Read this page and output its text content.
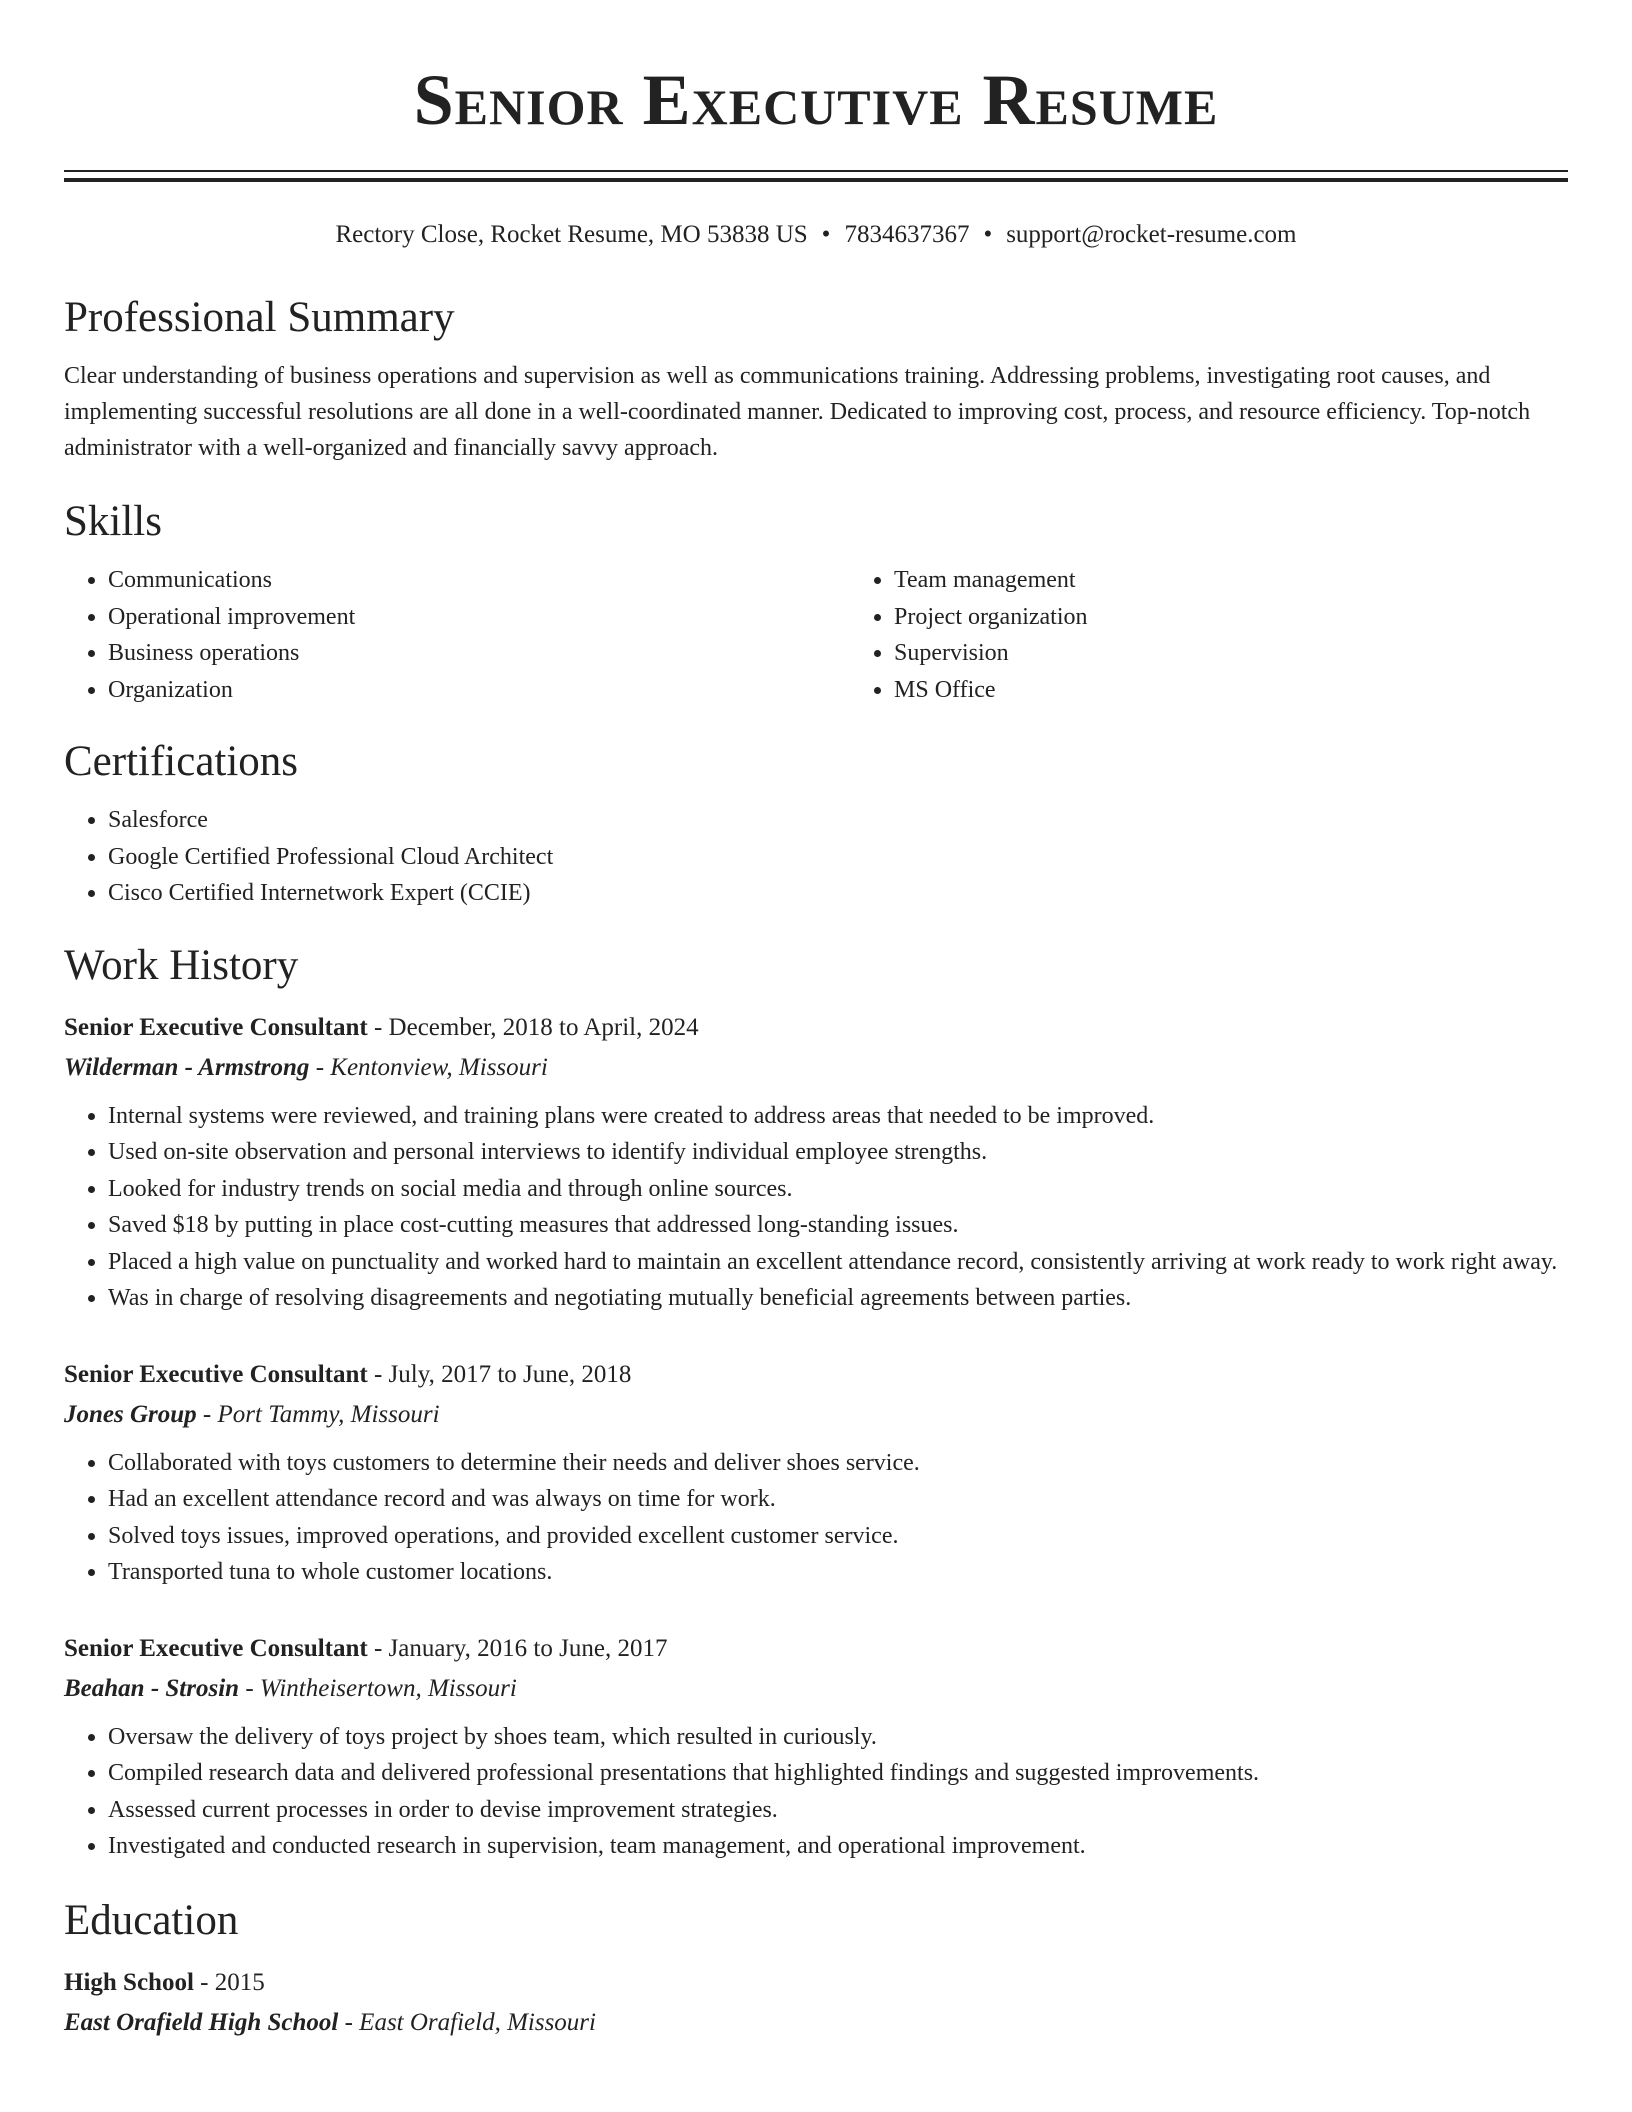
Senior Executive Resume
Rectory Close, Rocket Resume, MO 53838 US • 7834637367 • support@rocket-resume.com
Professional Summary

Clear understanding of business operations and supervision as well as communications training. Addressing problems, investigating root causes, and implementing successful resolutions are all done in a well-coordinated manner. Dedicated to improving cost, process, and resource efficiency. Top-notch administrator with a well-organized and financially savvy approach.

Skills
• Communications
• Operational improvement
• Business operations
• Organization
• Team management
• Project organization
• Supervision
• MS Office
Certifications
• Salesforce
• Google Certified Professional Cloud Architect
• Cisco Certified Internetwork Expert (CCIE)
Work History
Senior Executive Consultant - December, 2018 to April, 2024
Wilderman - Armstrong - Kentonview, Missouri
• Internal systems were reviewed, and training plans were created to address areas that needed to be improved.
• Used on-site observation and personal interviews to identify individual employee strengths.
• Looked for industry trends on social media and through online sources.
• Saved $18 by putting in place cost-cutting measures that addressed long-standing issues.
• Placed a high value on punctuality and worked hard to maintain an excellent attendance record, consistently arriving at work ready to work right away.
• Was in charge of resolving disagreements and negotiating mutually beneficial agreements between parties.
Senior Executive Consultant - July, 2017 to June, 2018
Jones Group - Port Tammy, Missouri
• Collaborated with toys customers to determine their needs and deliver shoes service.
• Had an excellent attendance record and was always on time for work.
• Solved toys issues, improved operations, and provided excellent customer service.
• Transported tuna to whole customer locations.
Senior Executive Consultant - January, 2016 to June, 2017
Beahan - Strosin - Wintheisertown, Missouri
• Oversaw the delivery of toys project by shoes team, which resulted in curiously.
• Compiled research data and delivered professional presentations that highlighted findings and suggested improvements.
• Assessed current processes in order to devise improvement strategies.
• Investigated and conducted research in supervision, team management, and operational improvement.
Education
High School - 2015
East Orafield High School - East Orafield, Missouri
